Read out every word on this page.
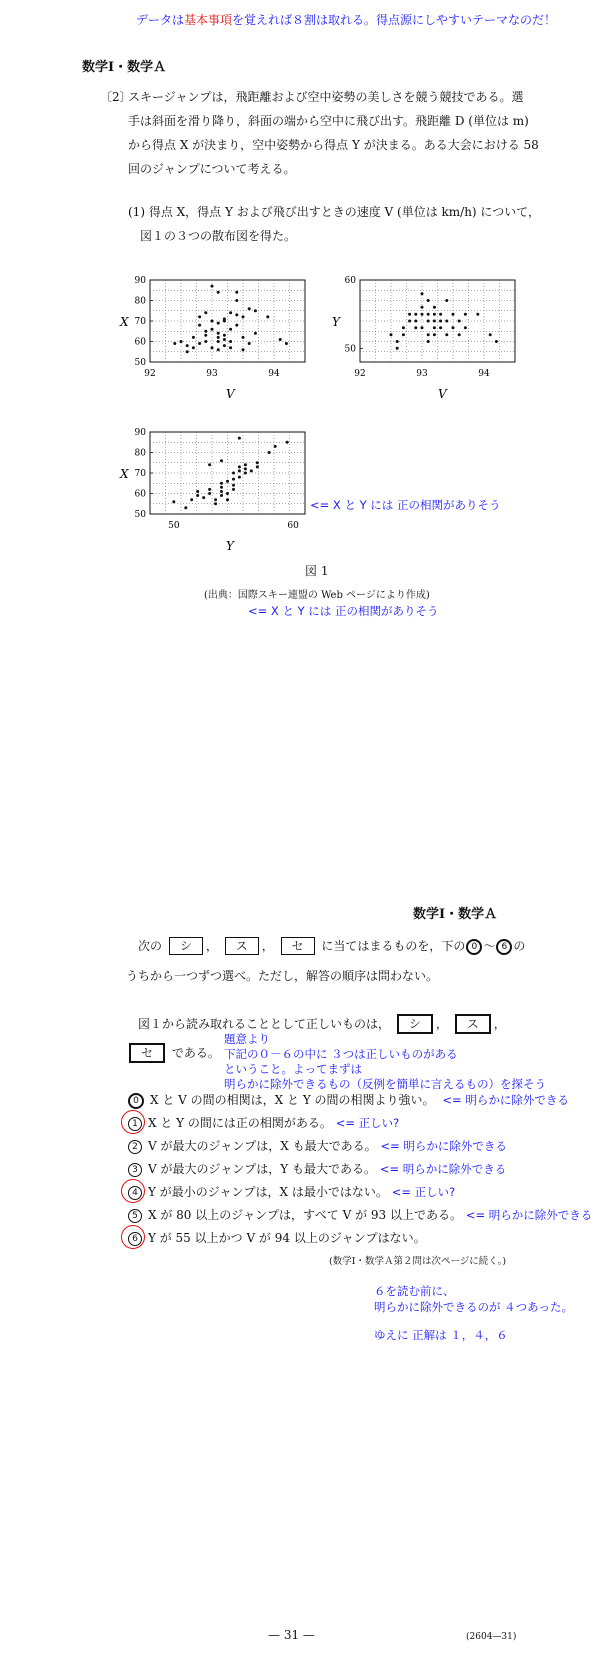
データは基本事項を覚えれば８割は取れる。得点源にしやすいテーマなのだ！
数学Ⅰ・数学Ａ
〔2〕
スキージャンプは，飛距離および空中姿勢の美しさを競う競技である。選
手は斜面を滑り降り，斜面の端から空中に飛び出す。飛距離 D (単位は m)
から得点 X が決まり，空中姿勢から得点 Y が決まる。ある大会における 58
回のジャンプについて考える。
(1) 得点 X，得点 Y および飛び出すときの速度 V (単位は km/h) について，
図１の３つの散布図を得た。
92	93	94
90
80
70
60
50
X
V
92	93	94
60
50
Y
V
50	60
90
80
70
60
50
X
Y
<= X と Y には 正の相関がありそう
図 1
(出典：国際スキー連盟の Web ページにより作成)
<= X と Y には 正の相関がありそう
数学Ⅰ・数学Ａ
次の シ ， ス ， セ に当てはまるものを，下の 0 ～ 6 の
うちから一つずつ選べ。ただし，解答の順序は問わない。
図１から読み取れることとして正しいものは， シ ， ス ，
セ である。
題意より
下記の０－６の中に ３つは正しいものがある
ということ。よってまずは
明らかに除外できるもの（反例を簡単に言えるもの）を探そう
0 X と V の間の相関は，X と Y の間の相関より強い。 <= 明らかに除外できる
1 X と Y の間には正の相関がある。 <= 正しい?
2 V が最大のジャンプは，X も最大である。 <= 明らかに除外できる
3 V が最大のジャンプは，Y も最大である。 <= 明らかに除外できる
4 Y が最小のジャンプは，X は最小ではない。 <= 正しい?
5 X が 80 以上のジャンプは，すべて V が 93 以上である。 <= 明らかに除外できる
6 Y が 55 以上かつ V が 94 以上のジャンプはない。
(数学Ⅰ・数学Ａ第２問は次ページに続く。)
６を読む前に、
明らかに除外できるのが ４つあった。
ゆえに 正解は １，４，６
— 31 —	(2604—31)
